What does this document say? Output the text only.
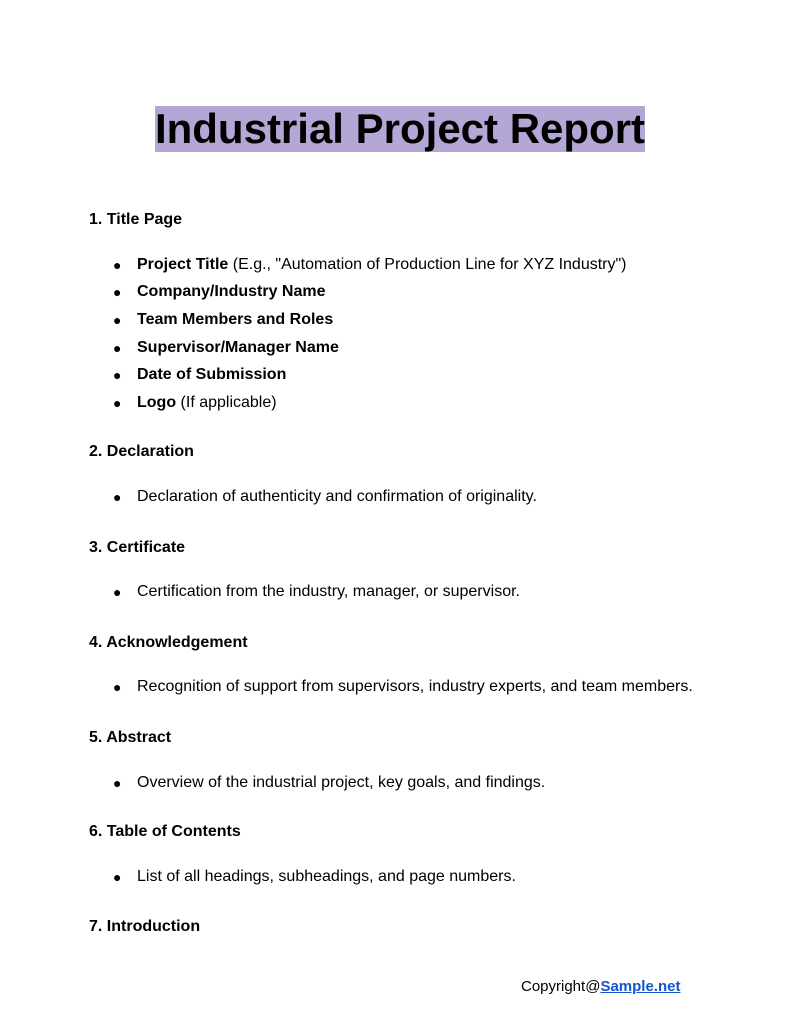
Industrial Project Report
1. Title Page
● Project Title (E.g., "Automation of Production Line for XYZ Industry")
● Company/Industry Name
● Team Members and Roles
● Supervisor/Manager Name
● Date of Submission
● Logo (If applicable)
2. Declaration
● Declaration of authenticity and confirmation of originality.
3. Certificate
● Certification from the industry, manager, or supervisor.
4. Acknowledgement
● Recognition of support from supervisors, industry experts, and team members.
5. Abstract
● Overview of the industrial project, key goals, and findings.
6. Table of Contents
● List of all headings, subheadings, and page numbers.
7. Introduction
Copyright@Sample.net
